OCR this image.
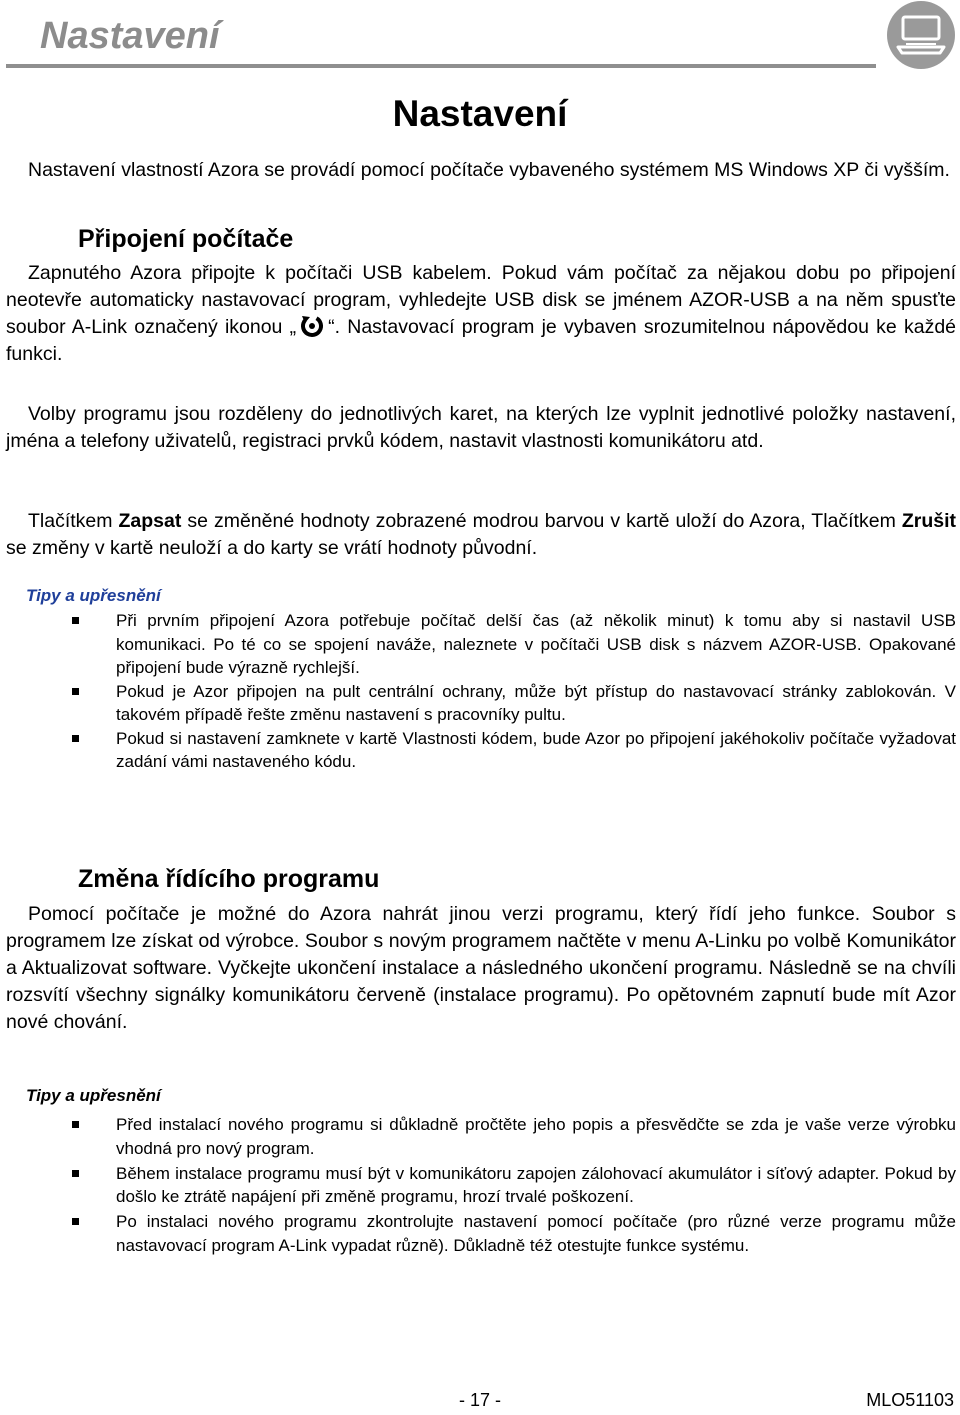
Nastavení
Nastavení

Nastavení vlastností Azora se provádí pomocí počítače vybaveného systémem MS Windows XP či vyšším.

Připojení počítače

Zapnutého Azora připojte k počítači USB kabelem. Pokud vám počítač za nějakou dobu po připojení neotevře automaticky nastavovací program, vyhledejte USB disk se jménem AZOR-USB a na něm spusťte soubor A-Link označený ikonou „ “. Nastavovací program je vybaven srozumitelnou nápovědou ke každé funkci.

Volby programu jsou rozděleny do jednotlivých karet, na kterých lze vyplnit jednotlivé položky nastavení, jména a telefony uživatelů, registraci prvků kódem, nastavit vlastnosti komunikátoru atd.

Tlačítkem Zapsat se změněné hodnoty zobrazené modrou barvou v kartě uloží do Azora, Tlačítkem Zrušit se změny v kartě neuloží a do karty se vrátí hodnoty původní.

Tipy a upřesnění

Při prvním připojení Azora potřebuje počítač delší čas (až několik minut) k tomu aby si nastavil USB komunikaci. Po té co se spojení naváže, naleznete v počítači USB disk s názvem AZOR-USB. Opakované připojení bude výrazně rychlejší.
Pokud je Azor připojen na pult centrální ochrany, může být přístup do nastavovací stránky zablokován. V takovém případě řešte změnu nastavení s pracovníky pultu.
Pokud si nastavení zamknete v kartě Vlastnosti kódem, bude Azor po připojení jakéhokoliv počítače vyžadovat zadání vámi nastaveného kódu.
Změna řídícího programu

Pomocí počítače je možné do Azora nahrát jinou verzi programu, který řídí jeho funkce. Soubor s programem lze získat od výrobce. Soubor s novým programem načtěte v menu A-Linku po volbě Komunikátor a Aktualizovat software. Vyčkejte ukončení instalace a následného ukončení programu. Následně se na chvíli rozsvítí všechny signálky komunikátoru červeně (instalace programu). Po opětovném zapnutí bude mít Azor nové chování.

Tipy a upřesnění

Před instalací nového programu si důkladně pročtěte jeho popis a přesvědčte se zda je vaše verze výrobku vhodná pro nový program.
Během instalace programu musí být v komunikátoru zapojen zálohovací akumulátor i síťový adapter. Pokud by došlo ke ztrátě napájení při změně programu, hrozí trvalé poškození.
Po instalaci nového programu zkontrolujte nastavení pomocí počítače (pro různé verze programu může nastavovací program A-Link vypadat různě). Důkladně též otestujte funkce systému.

- 17 -	MLO51103
